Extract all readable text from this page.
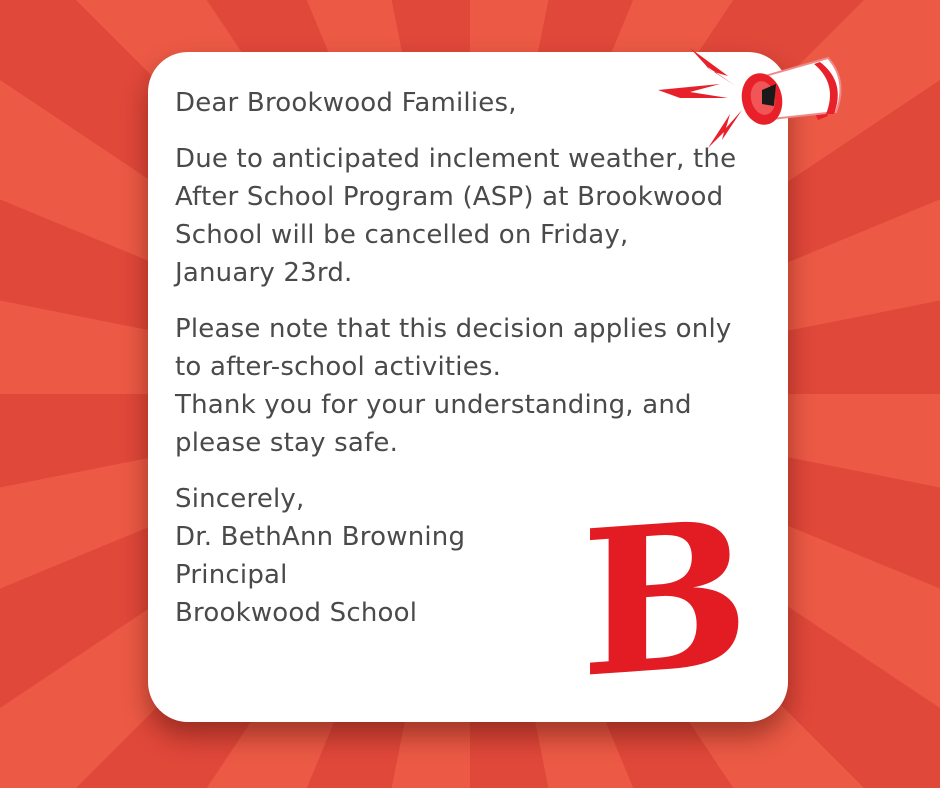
Dear Brookwood Families,

Due to anticipated inclement weather, the
After School Program (ASP) at Brookwood
School will be cancelled on Friday,
January 23rd.

Please note that this decision applies only
to after-school activities.
Thank you for your understanding, and
please stay safe.

Sincerely,
Dr. BethAnn Browning
Principal
Brookwood School B
